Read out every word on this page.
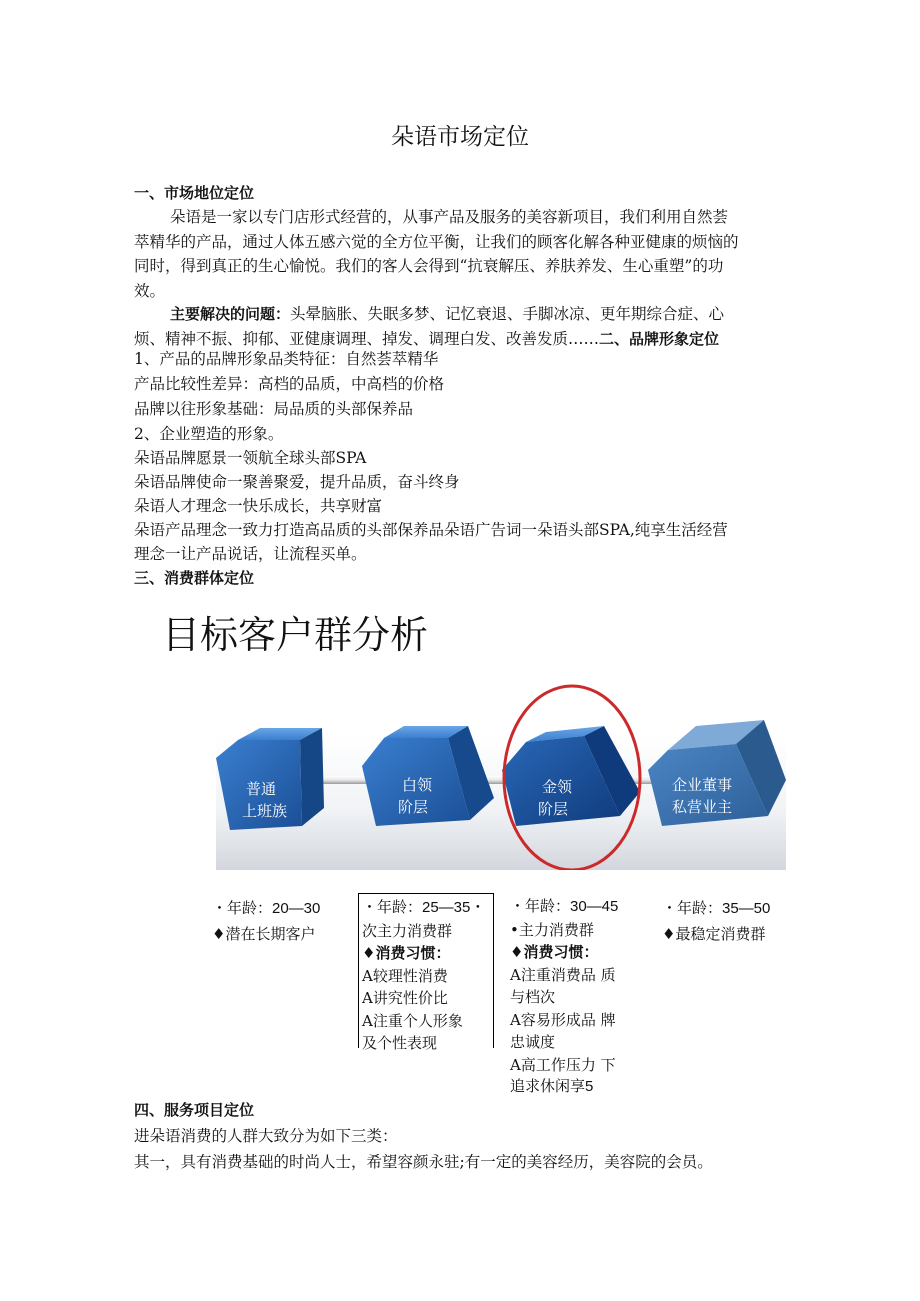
朵语市场定位
一、市场地位定位
朵语是一家以专门店形式经营的，从事产品及服务的美容新项目，我们利用自然荟
萃精华的产品，通过人体五感六觉的全方位平衡，让我们的顾客化解各种亚健康的烦恼的
同时，得到真正的生心愉悦。我们的客人会得到“抗衰解压、养肤养发、生心重塑”的功
效。
主要解决的问题：头晕脑胀、失眠多梦、记忆衰退、手脚冰凉、更年期综合症、心
烦、精神不振、抑郁、亚健康调理、掉发、调理白发、改善发质……二、品牌形象定位
1、产品的品牌形象品类特征：自然荟萃精华
产品比较性差异：高档的品质，中高档的价格
品牌以往形象基础：局品质的头部保养品
2、企业塑造的形象。
朵语品牌愿景一领航全球头部SPA
朵语品牌使命一聚善聚爱，提升品质，奋斗终身
朵语人才理念一快乐成长，共享财富
朵语产品理念一致力打造高品质的头部保养品朵语广告词一朵语头部SPA,纯享生活经营
理念一让产品说话，让流程买单。
三、消费群体定位
目标客户群分析
普通
上班族
白领
阶层
金领
阶层
企业董事
私营业主
・年龄：20—30
♦潜在长期客户
・年龄：25—35・
次主力消费群
♦消费习惯：
A较理性消费
A讲究性价比
A注重个人形象
及个性表现
・年龄：30—45
•主力消费群
♦消费习惯：
A注重消费品 质
与档次
A容易形成品 牌
忠诚度
A高工作压力 下
追求休闲享5
・年龄：35—50
♦最稳定消费群
四、服务项目定位
进朵语消费的人群大致分为如下三类：
其一，具有消费基础的时尚人士，希望容颜永驻;有一定的美容经历，美容院的会员。
